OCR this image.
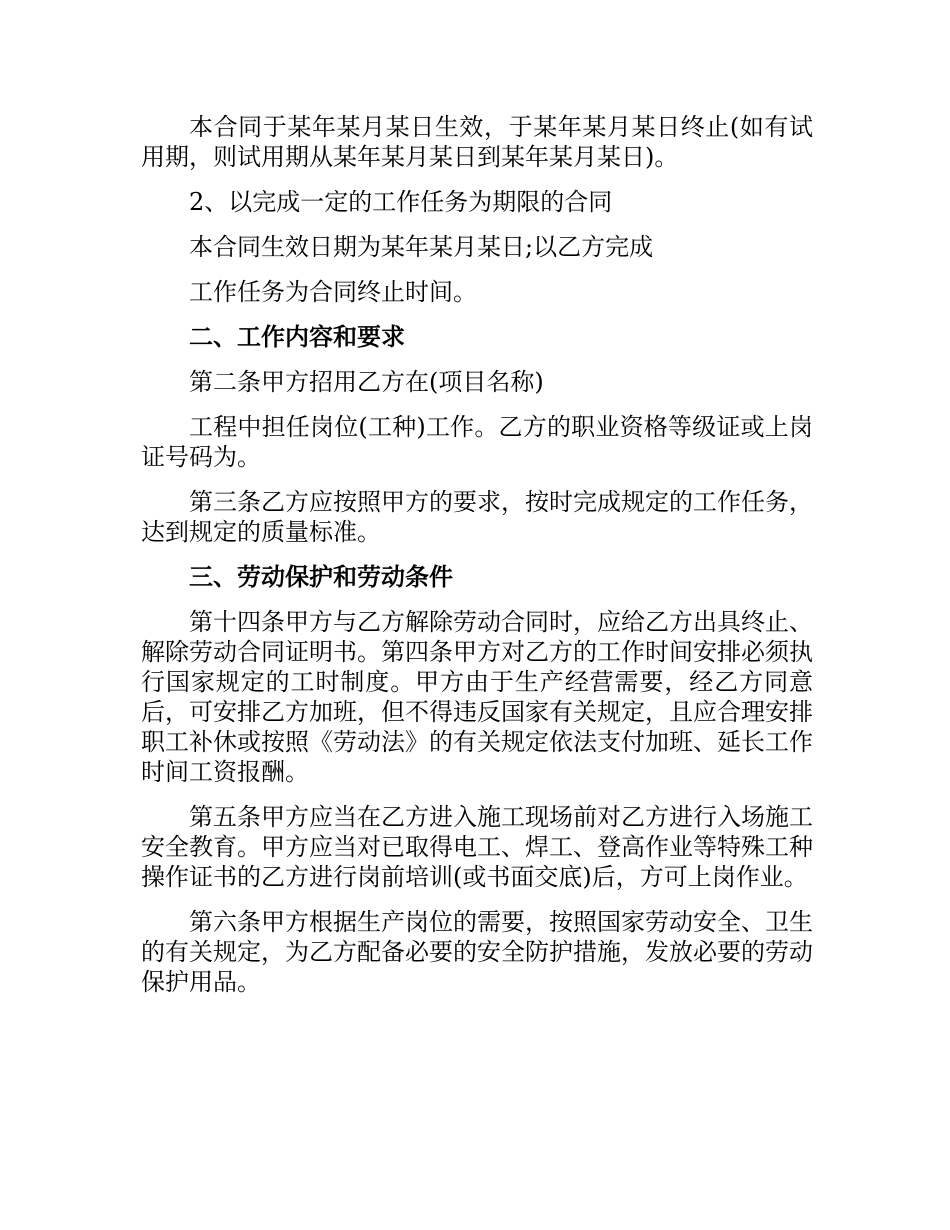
本合同于某年某月某日生效，于某年某月某日终止(如有试用期，则试用期从某年某月某日到某年某月某日)。

2、以完成一定的工作任务为期限的合同

本合同生效日期为某年某月某日;以乙方完成

工作任务为合同终止时间。

二、工作内容和要求

第二条甲方招用乙方在(项目名称)

工程中担任岗位(工种)工作。乙方的职业资格等级证或上岗证号码为。

第三条乙方应按照甲方的要求，按时完成规定的工作任务，达到规定的质量标准。

三、劳动保护和劳动条件

第十四条甲方与乙方解除劳动合同时，应给乙方出具终止、解除劳动合同证明书。第四条甲方对乙方的工作时间安排必须执行国家规定的工时制度。甲方由于生产经营需要，经乙方同意后，可安排乙方加班，但不得违反国家有关规定，且应合理安排职工补休或按照《劳动法》的有关规定依法支付加班、延长工作时间工资报酬。

第五条甲方应当在乙方进入施工现场前对乙方进行入场施工安全教育。甲方应当对已取得电工、焊工、登高作业等特殊工种操作证书的乙方进行岗前培训(或书面交底)后，方可上岗作业。

第六条甲方根据生产岗位的需要，按照国家劳动安全、卫生的有关规定，为乙方配备必要的安全防护措施，发放必要的劳动保护用品。
